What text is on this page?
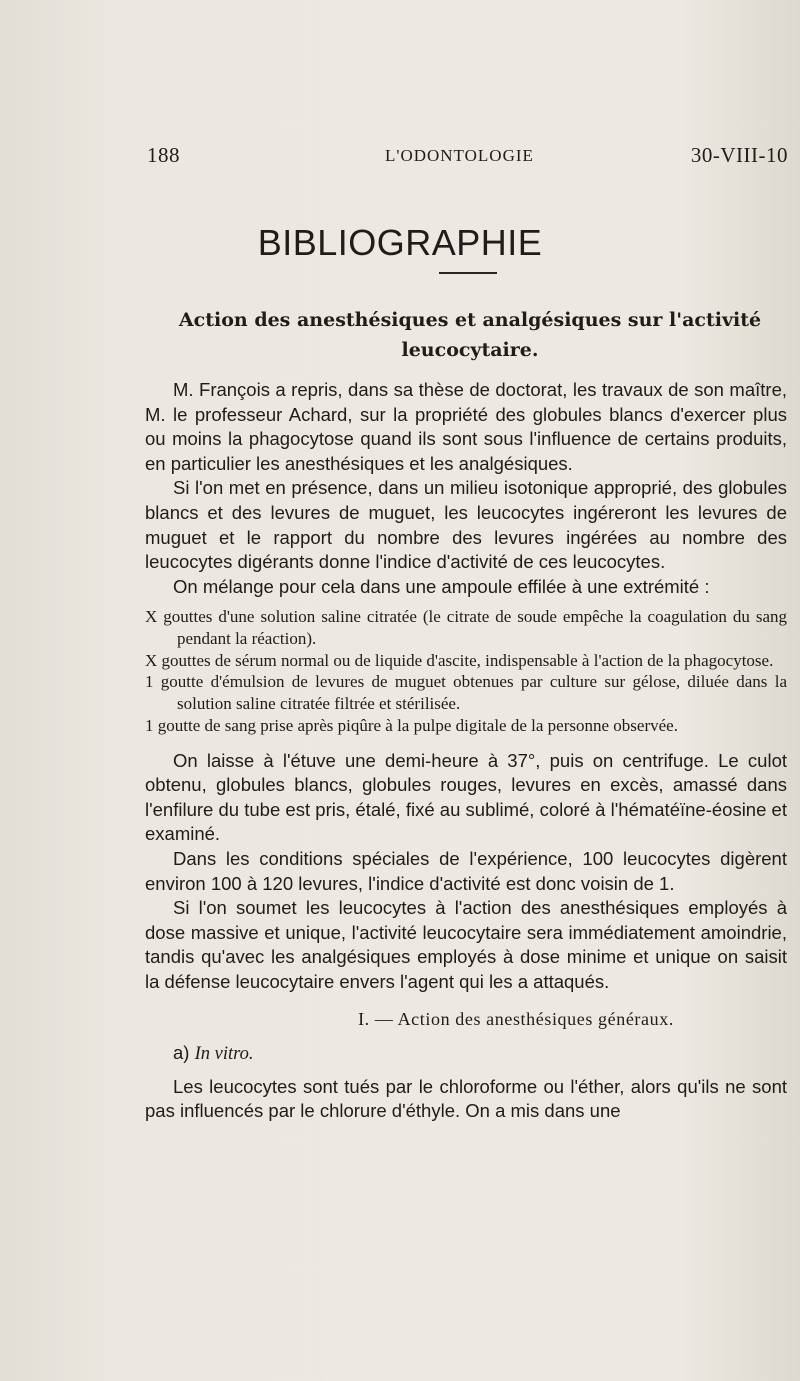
188	L'ODONTOLOGIE	30-VIII-10
BIBLIOGRAPHIE
Action des anesthésiques et analgésiques sur l'activité
leucocytaire.

M. François a repris, dans sa thèse de doctorat, les travaux de son maître, M. le professeur Achard, sur la propriété des globules blancs d'exercer plus ou moins la phagocytose quand ils sont sous l'influence de certains produits, en particulier les anesthésiques et les analgésiques.

Si l'on met en présence, dans un milieu isotonique approprié, des globules blancs et des levures de muguet, les leucocytes ingéreront les levures de muguet et le rapport du nombre des levures ingérées au nombre des leucocytes digérants donne l'indice d'activité de ces leucocytes.

On mélange pour cela dans une ampoule effilée à une extrémité :

X gouttes d'une solution saline citratée (le citrate de soude empêche la coagulation du sang pendant la réaction).

X gouttes de sérum normal ou de liquide d'ascite, indispensable à l'action de la phagocytose.

1 goutte d'émulsion de levures de muguet obtenues par culture sur gélose, diluée dans la solution saline citratée filtrée et stérilisée.

1 goutte de sang prise après piqûre à la pulpe digitale de la personne observée.

On laisse à l'étuve une demi-heure à 37°, puis on centrifuge. Le culot obtenu, globules blancs, globules rouges, levures en excès, amassé dans l'enfilure du tube est pris, étalé, fixé au sublimé, coloré à l'hématéïne-éosine et examiné.

Dans les conditions spéciales de l'expérience, 100 leucocytes digèrent environ 100 à 120 levures, l'indice d'activité est donc voisin de 1.

Si l'on soumet les leucocytes à l'action des anesthésiques employés à dose massive et unique, l'activité leucocytaire sera immédiatement amoindrie, tandis qu'avec les analgésiques employés à dose minime et unique on saisit la défense leucocytaire envers l'agent qui les a attaqués.

I. — Action des anesthésiques généraux.

a) In vitro.

Les leucocytes sont tués par le chloroforme ou l'éther, alors qu'ils ne sont pas influencés par le chlorure d'éthyle. On a mis dans une
